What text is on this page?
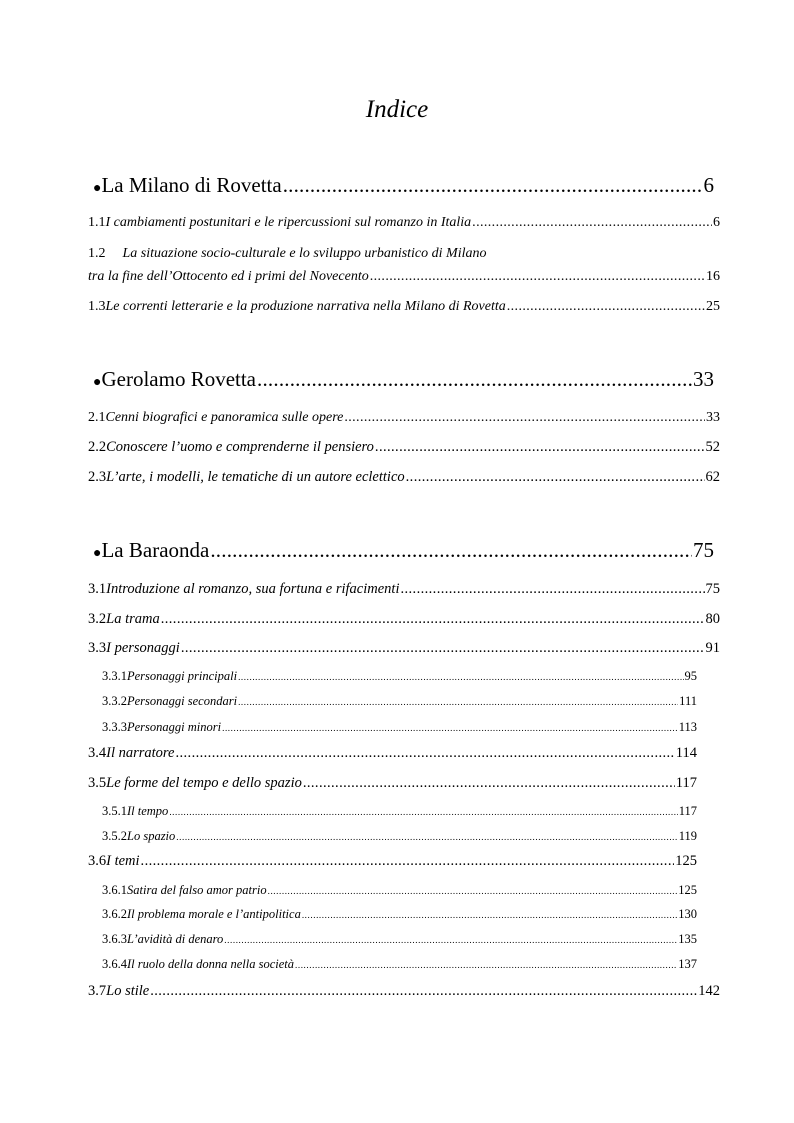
Indice
● La Milano di Rovetta .....	6
1.1 I cambiamenti postunitari e le ripercussioni sul romanzo in Italia .....	6
1.2 La situazione socio-culturale e lo sviluppo urbanistico di Milano
tra la fine dell’Ottocento ed i primi del Novecento .....	16
1.3 Le correnti letterarie e la produzione narrativa nella Milano di Rovetta .....	25
● Gerolamo Rovetta .....	33
2.1 Cenni biografici e panoramica sulle opere .....	33
2.2 Conoscere l’uomo e comprenderne il pensiero .....	52
2.3 L’arte, i modelli, le tematiche di un autore eclettico .....	62
● La Baraonda .....	75
3.1 Introduzione al romanzo, sua fortuna e rifacimenti .....	75
3.2 La trama .....	80
3.3 I personaggi .....	91
3.3.1 Personaggi principali .....	95
3.3.2 Personaggi secondari .....	111
3.3.3 Personaggi minori .....	113
3.4 Il narratore .....	114
3.5 Le forme del tempo e dello spazio .....	117
3.5.1 Il tempo .....	117
3.5.2 Lo spazio .....	119
3.6 I temi .....	125
3.6.1 Satira del falso amor patrio .....	125
3.6.2 Il problema morale e l’antipolitica .....	130
3.6.3 L’avidità di denaro .....	135
3.6.4 Il ruolo della donna nella società .....	137
3.7 Lo stile .....	142
